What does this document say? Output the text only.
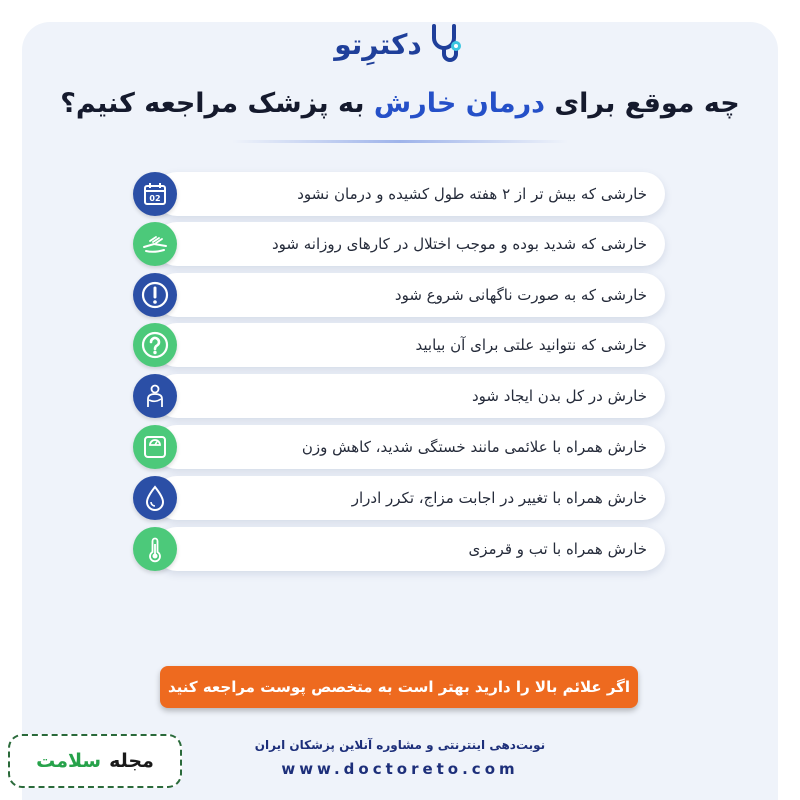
دکترِتو
چه موقع برای درمان خارش به پزشک مراجعه کنیم؟
خارشی که بیش تر از ۲ هفته طول کشیده و درمان نشود
02
خارشی که شدید بوده و موجب اختلال در کارهای روزانه شود
خارشی که به صورت ناگهانی شروع شود
خارشی که نتوانید علتی برای آن بیابید
خارش در کل بدن ایجاد شود
خارش همراه با علائمی مانند خستگی شدید، کاهش وزن
خارش همراه با تغییر در اجابت مزاج، تکرر ادرار
خارش همراه با تب و قرمزی
اگر علائم بالا را دارید بهتر است به متخصص پوست مراجعه کنید
نوبت‌دهی اینترنتی و مشاوره آنلاین پزشکان ایران
www.doctoreto.com
مجله
سلامت
